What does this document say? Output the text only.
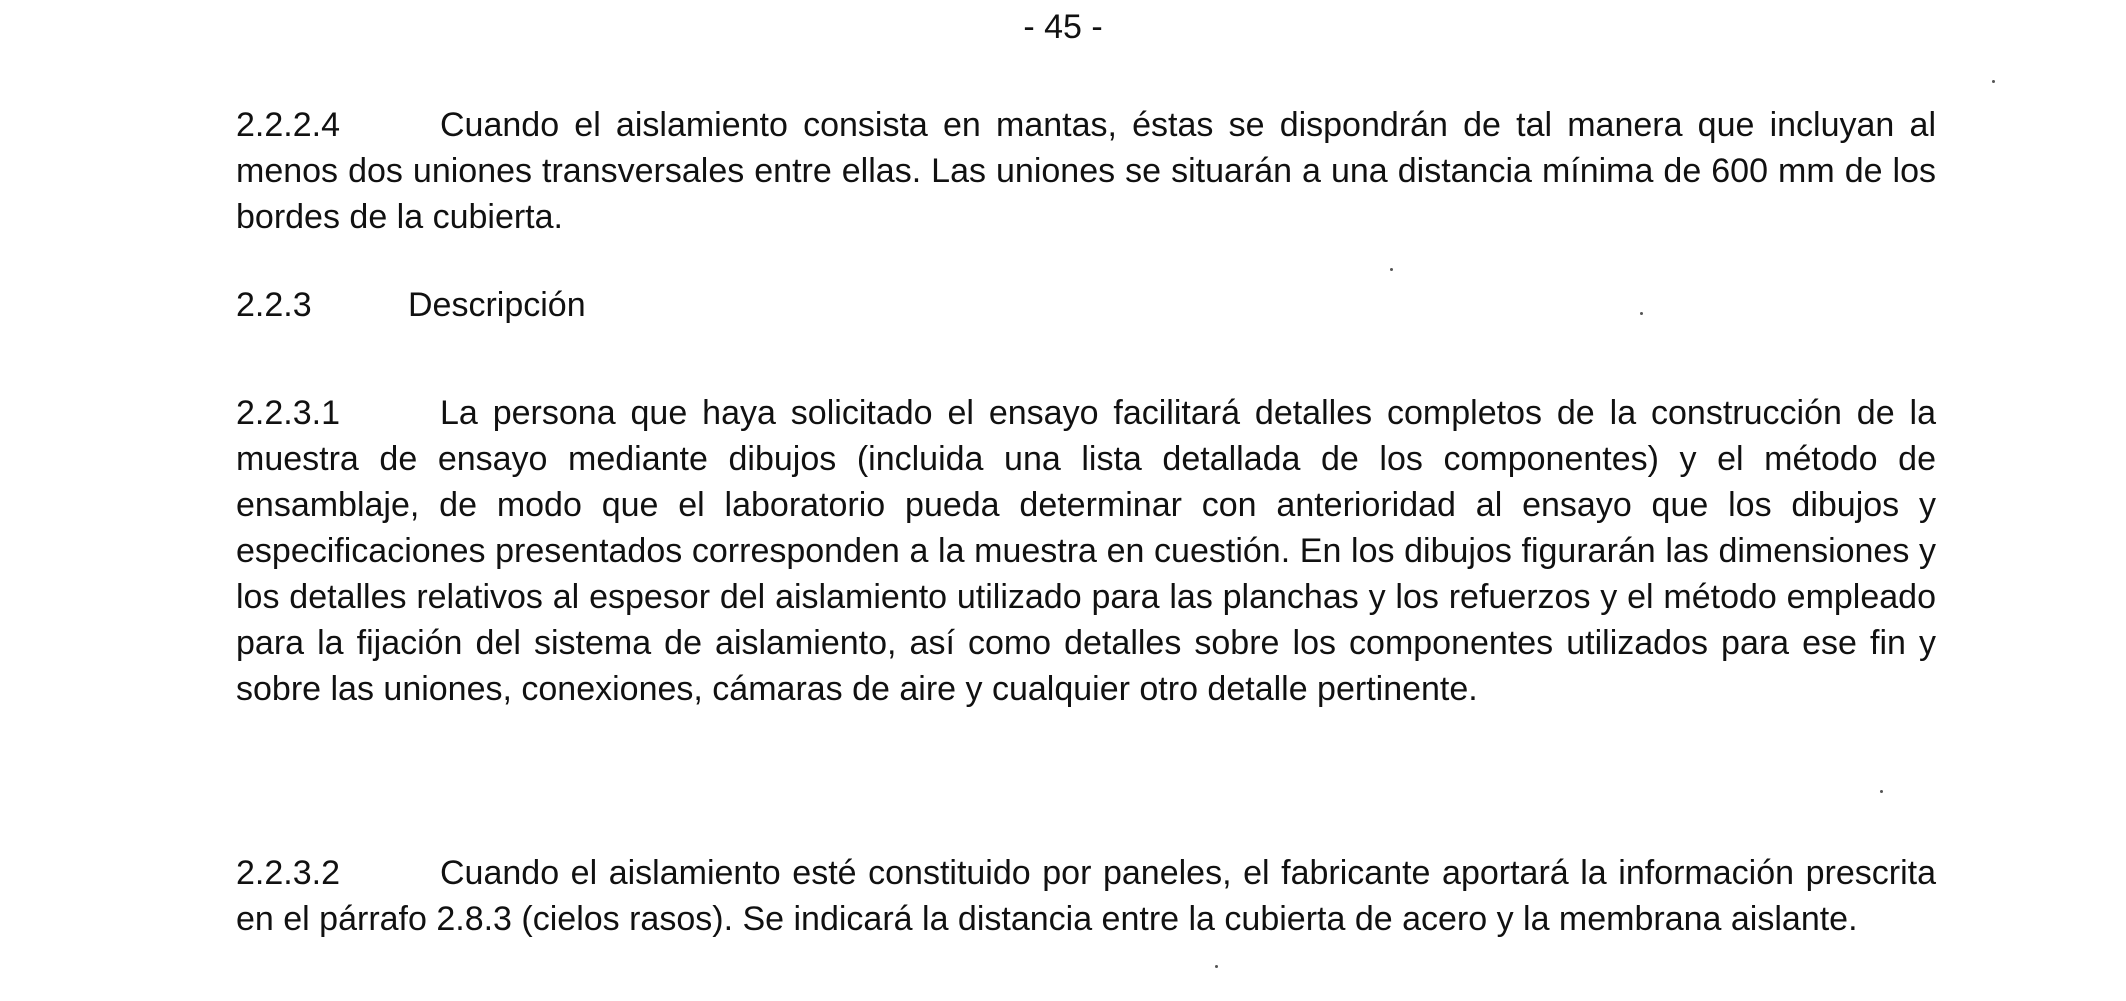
- 45 -

2.2.2.4	Cuando el aislamiento consista en mantas, éstas se dispondrán de tal manera que incluyan al menos dos uniones transversales entre ellas. Las uniones se situarán a una distancia mínima de 600 mm de los bordes de la cubierta.

2.2.3	Descripción

2.2.3.1	La persona que haya solicitado el ensayo facilitará detalles completos de la construcción de la muestra de ensayo mediante dibujos (incluida una lista detallada de los componentes) y el método de ensamblaje, de modo que el laboratorio pueda determinar con anterioridad al ensayo que los dibujos y especificaciones presentados corresponden a la muestra en cuestión. En los dibujos figurarán las dimensiones y los detalles relativos al espesor del aislamiento utilizado para las planchas y los refuerzos y el método empleado para la fijación del sistema de aislamiento, así como detalles sobre los componentes utilizados para ese fin y sobre las uniones, conexiones, cámaras de aire y cualquier otro detalle pertinente.

2.2.3.2	Cuando el aislamiento esté constituido por paneles, el fabricante aportará la información prescrita en el párrafo 2.8.3 (cielos rasos). Se indicará la distancia entre la cubierta de acero y la membrana aislante.
